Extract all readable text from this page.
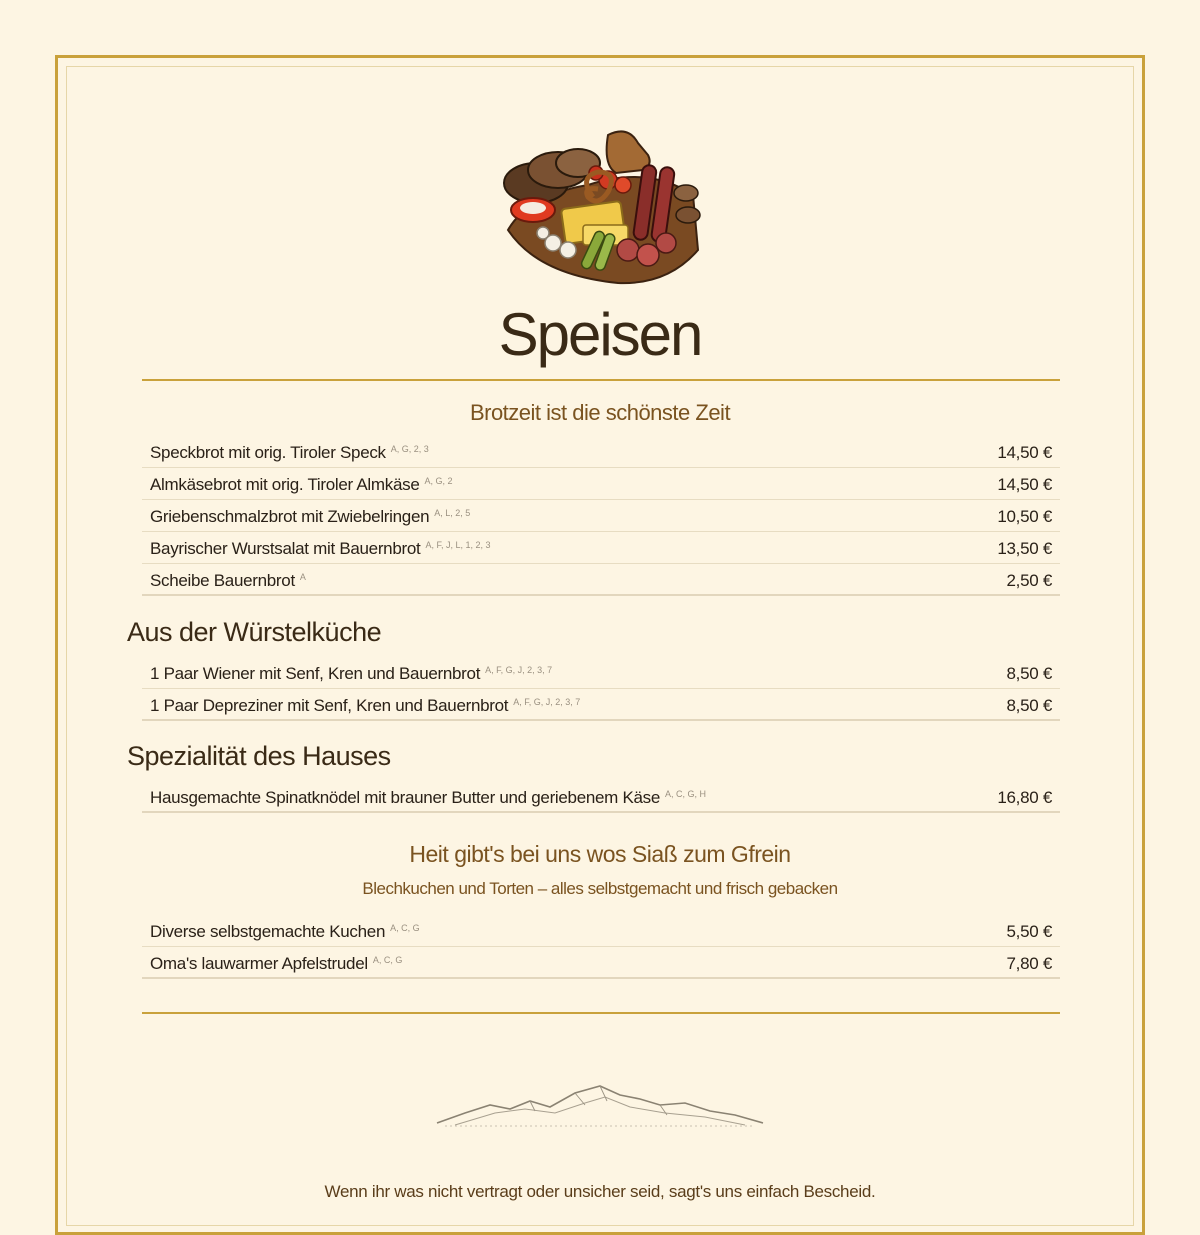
Speisen
Brotzeit ist die schönste Zeit
Speckbrot mit orig. Tiroler Speck $^{A, G, 2, 3}$	14,50 €
Almkäsebrot mit orig. Tiroler Almkäse $^{A, G, 2}$	14,50 €
Griebenschmalzbrot mit Zwiebelringen $^{A, L, 2, 5}$	10,50 €
Bayrischer Wurstsalat mit Bauernbrot $^{A, F, J, L, 1, 2, 3}$	13,50 €
Scheibe Bauernbrot $^A$	2,50 €
Aus der Würstelküche
1 Paar Wiener mit Senf, Kren und Bauernbrot $^{A, F, G, J, 2, 3, 7}$	8,50 €
1 Paar Depreziner mit Senf, Kren und Bauernbrot $^{A, F, G, J, 2, 3, 7}$	8,50 €
Spezialität des Hauses
Hausgemachte Spinatknödel mit brauner Butter und geriebenem Käse $^{A, C, G, H}$	16,80 €
Heit gibt's bei uns wos Siaß zum Gfrein
Blechkuchen und Torten – alles selbstgemacht und frisch gebacken
Diverse selbstgemachte Kuchen $^{A, C, G}$	5,50 €
Oma's lauwarmer Apfelstrudel $^{A, C, G}$	7,80 €
Wenn ihr was nicht vertragt oder unsicher seid, sagt's uns einfach Bescheid.
